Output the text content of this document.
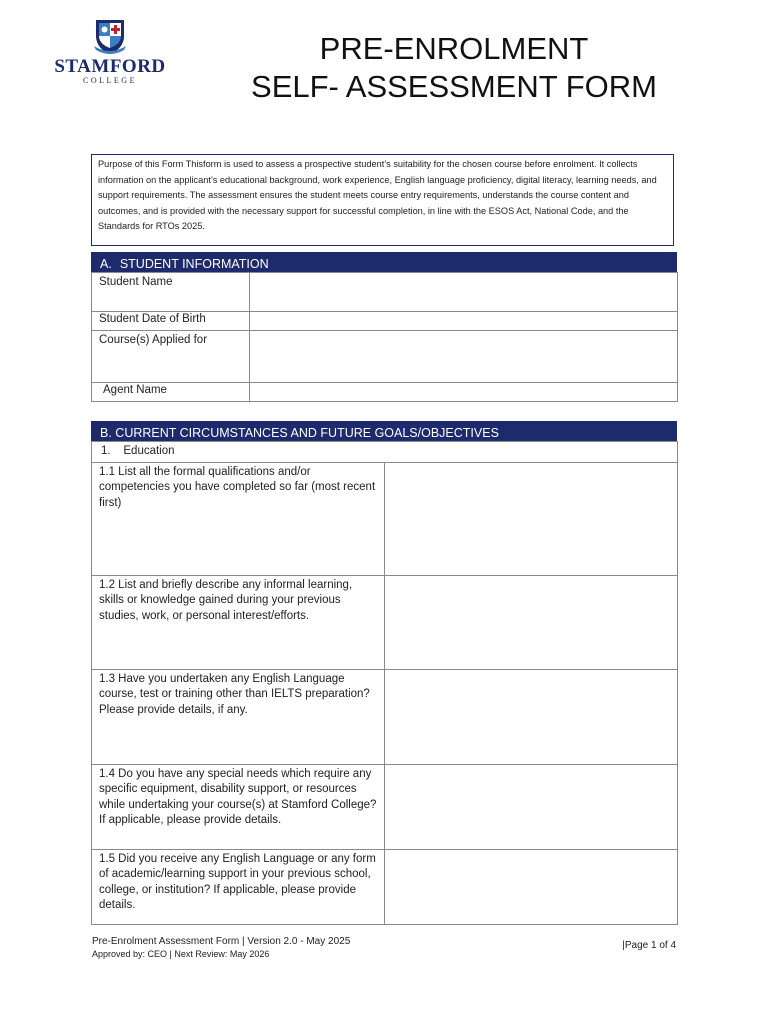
STAMFORD
COLLEGE
PRE-ENROLMENT
SELF- ASSESSMENT FORM
Purpose of this Form Thisform is used to assess a prospective student’s suitability for the chosen course before enrolment. It collects information on the applicant’s educational background, work experience, English language proficiency, digital literacy, learning needs, and support requirements. The assessment ensures the student meets course entry requirements, understands the course content and outcomes, and is provided with the necessary support for successful completion, in line with the ESOS Act, National Code, and the Standards for RTOs 2025.
A. STUDENT INFORMATION
Student Name	
Student Date of Birth	
Course(s) Applied for	
Agent Name	
B. CURRENT CIRCUMSTANCES AND FUTURE GOALS/OBJECTIVES
1. Education	
1.1 List all the formal qualifications and/or competencies you have completed so far (most recent first)	
1.2 List and briefly describe any informal learning, skills or knowledge gained during your previous studies, work, or personal interest/efforts.	
1.3 Have you undertaken any English Language course, test or training other than IELTS preparation? Please provide details, if any.	
1.4 Do you have any special needs which require any specific equipment, disability support, or resources while undertaking your course(s) at Stamford College? If applicable, please provide details.	
1.5 Did you receive any English Language or any form of academic/learning support in your previous school, college, or institution? If applicable, please provide details.	
Pre-Enrolment Assessment Form | Version 2.0 - May 2025
Approved by: CEO | Next Review: May 2026
|Page 1 of 4
